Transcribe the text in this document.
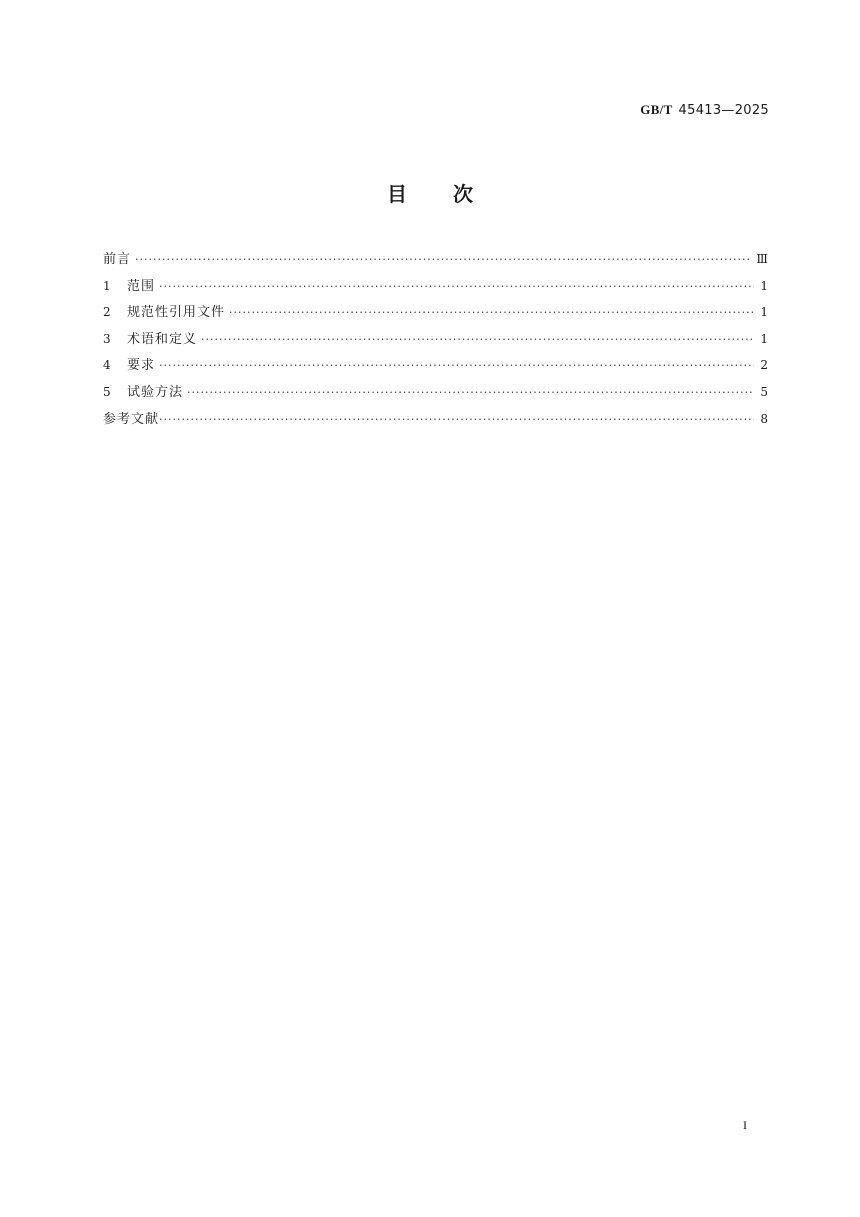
GB/T 45413—2025
目次
前言 ·····	Ⅲ
1	范围 ·····	1
2	规范性引用文件 ·····	1
3	术语和定义 ·····	1
4	要求 ·····	2
5	试验方法 ·····	5
参考文献 ·····	8
I
